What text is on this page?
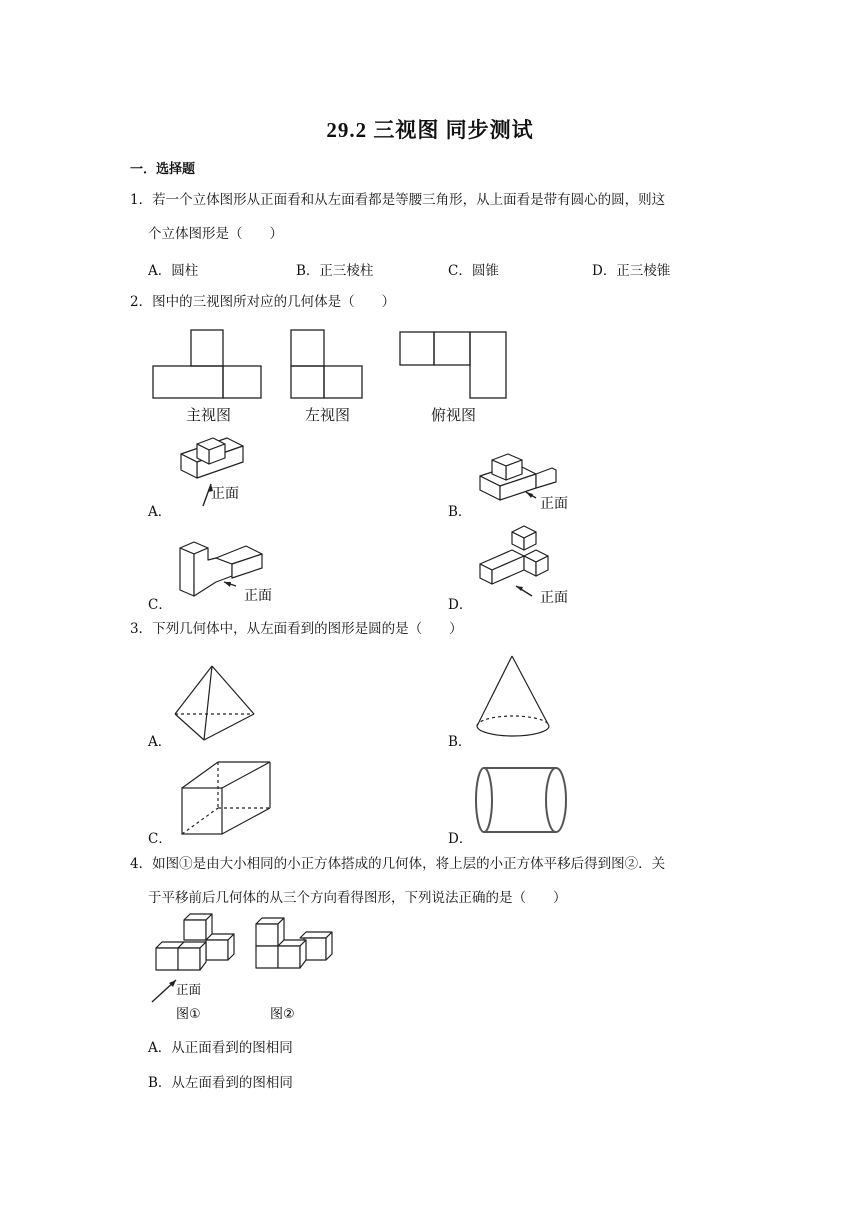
29.2 三视图 同步测试
一．选择题
1．若一个立体图形从正面看和从左面看都是等腰三角形，从上面看是带有圆心的圆，则这
个立体图形是（　　）
A．圆柱	B．正三棱柱	C．圆锥	D．正三棱锥
2．图中的三视图所对应的几何体是（　　）
主视图	左视图	俯视图
A．
正面
B．	正面
C．
正面
D．	正面
3．下列几何体中，从左面看到的图形是圆的是（　　）
A．	B．
C．	D．
4．如图①是由大小相同的小正方体搭成的几何体，将上层的小正方体平移后得到图②．关
于平移前后几何体的从三个方向看得图形，下列说法正确的是（　　）
正面
图①	图②
A．从正面看到的图相同
B．从左面看到的图相同
